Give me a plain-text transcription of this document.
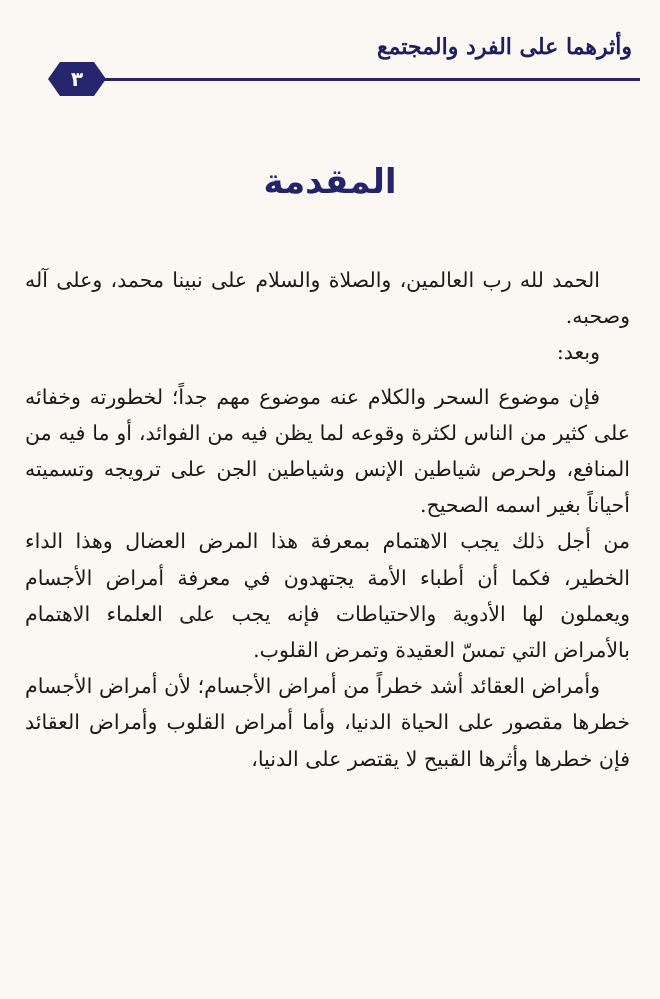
وأثرهما على الفرد والمجتمع
٣
المقدمة

الحمد لله رب العالمين، والصلاة والسلام على نبينا محمد، وعلى آله وصحبه.

وبعد:

فإن موضوع السحر والكلام عنه موضوع مهم جداً؛ لخطورته وخفائه على كثير من الناس لكثرة وقوعه لما يظن فيه من الفوائد، أو ما فيه من المنافع، ولحرص شياطين الإنس وشياطين الجن على ترويجه وتسميته أحياناً بغير اسمه الصحيح.

من أجل ذلك يجب الاهتمام بمعرفة هذا المرض العضال وهذا الداء الخطير، فكما أن أطباء الأمة يجتهدون في معرفة أمراض الأجسام ويعملون لها الأدوية والاحتياطات فإنه يجب على العلماء الاهتمام بالأمراض التي تمسّ العقيدة وتمرض القلوب.

وأمراض العقائد أشد خطراً من أمراض الأجسام؛ لأن أمراض الأجسام خطرها مقصور على الحياة الدنيا، وأما أمراض القلوب وأمراض العقائد فإن خطرها وأثرها القبيح لا يقتصر على الدنيا،
